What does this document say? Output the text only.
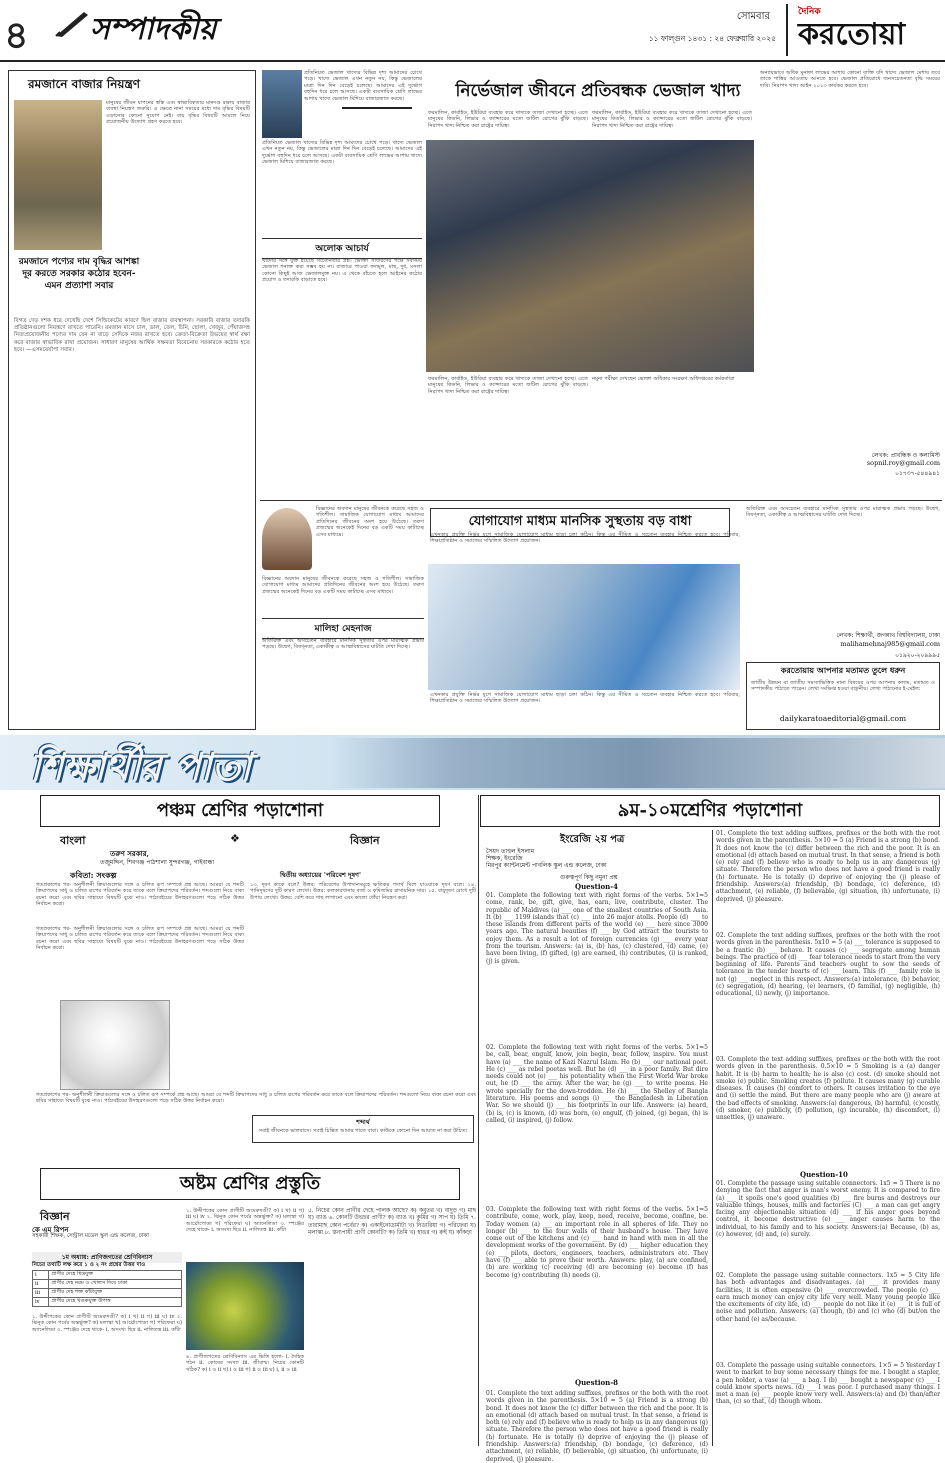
৪	সম্পাদকীয়	সোমবার
১১ ফাল্গুন ১৪৩১ : ২৪ ফেব্রুয়ারি ২০২৫
দৈনিক
করতোয়া
রমজানে বাজার নিয়ন্ত্রণ
মানুষের জীবন যাপনের স্বস্তি এবং স্বাভাবিকতার মানদণ্ড রক্ষায় বাজার ব্যবস্থা নিয়ন্ত্রণ জরুরি। এ ক্ষেত্রে নানা সময়ের মধ্যে দাম বৃদ্ধির বিষয়টি এড়ানোর কোনো সুযোগ নেই। ব্যয় বৃদ্ধির বিষয়টি আমলে নিয়ে প্রয়োজনীয় উদ্যোগ গ্রহণ করতে হবে।
রমজানে পণ্যের দাম বৃদ্ধির আশঙ্কা দূর করতে সরকার কঠোর হবেন-এমন প্রত্যাশা সবার
বিগত দেড় দশক ধরে দেখেছি দেশে সিন্ডিকেটের কারণে ছিল বাজার ব্যবস্থাপনা। সরকারি বাজার তদারকি প্রতিষ্ঠানগুলো নিয়ন্ত্রণে রাখতে পারেনি। রমজান মাসে চাল, ডাল, তেল, চিনি, ছোলা, খেজুর, পেঁয়াজসহ নিত্যপ্রয়োজনীয় পণ্যের দাম যেন না বাড়ে সেদিকে নজর রাখতে হবে। ক্রেতা-বিক্রেতা উভয়ের স্বার্থ রক্ষা করে বাজার স্বাভাবিক রাখা প্রয়োজন। সাধারণ মানুষের আর্থিক সক্ষমতা বিবেচনায় সরকারকে কঠোর হতে হবে। —এসময়ের্যাপা সবার।
প্রতিনিয়ত ভেজাল খাদ্যের বিভিন্ন দৃশ্য আমাদের চোখে পড়ে। খাদ্যে ভেজাল এখন নতুন নয়, কিন্তু ভেজালের মাত্রা দিন দিন বেড়েই চলেছে। আমাদের এই দুর্ভোগ বহুদিন ধরে চলে আসছে। একটা ব্যবসায়িক শ্রেণি লাভের আশায় খাদ্যে ভেজাল মিশিয়ে বাজারজাত করছে।	নির্ভেজাল জীবনে প্রতিবন্ধক ভেজাল খাদ্য
প্রতিনিয়ত ভেজাল খাদ্যের বিভিন্ন দৃশ্য আমাদের চোখে পড়ে। খাদ্যে ভেজাল এখন নতুন নয়, কিন্তু ভেজালের মাত্রা দিন দিন বেড়েই চলেছে। আমাদের এই দুর্ভোগ বহুদিন ধরে চলে আসছে। একটা ব্যবসায়িক শ্রেণি লাভের আশায় খাদ্যে ভেজাল মিশিয়ে বাজারজাত করছে।
অলোক আচার্য
খাদ্যের সঙ্গে যুক্ত হয়েছে সচেতনতার প্রশ্ন। ভোক্তা সাধারণের পক্ষে সবসময় ভেজাল শনাক্ত করা সম্ভব হয় না। বাজারে পাওয়া ফলমূল, মাছ, দুধ, মসলা কোনো কিছুই আজ ভেজালমুক্ত নয়। এ থেকে বাঁচতে হলে আইনের কঠোর প্রয়োগ ও তদারকি বাড়াতে হবে।
ফরমালিন, কার্বাইড, ইউরিয়া ব্যবহার করে খাদ্যকে তাজা দেখানো হচ্ছে। এতে মানুষের কিডনি, লিভার ও ক্যান্সারের মতো জটিল রোগের ঝুঁকি বাড়ছে। নিরাপদ খাদ্য নিশ্চিত করা রাষ্ট্রের দায়িত্ব।
ফরমালিন, কার্বাইড, ইউরিয়া ব্যবহার করে খাদ্যকে তাজা দেখানো হচ্ছে। এতে মানুষের কিডনি, লিভার ও ক্যান্সারের মতো জটিল রোগের ঝুঁকি বাড়ছে। নিরাপদ খাদ্য নিশ্চিত করা রাষ্ট্রের দায়িত্ব।
ফরমালিন, কার্বাইড, ইউরিয়া ব্যবহার করে খাদ্যকে তাজা দেখানো হচ্ছে। এতে মানুষের কিডনি, লিভার ও ক্যান্সারের মতো জটিল রোগের ঝুঁকি বাড়ছে। নিরাপদ খাদ্য নিশ্চিত করা রাষ্ট্রের দায়িত্ব।
নমুনা পরীক্ষা দেখছেন ভোক্তা অধিকার সংরক্ষণ অধিদপ্তরের কর্মকর্তারা
অন্যায়ভাবে অধিক মুনাফা লাভের আশায় কোনো ব্যক্তি যদি খাদ্যে ভেজাল মেশায় তবে তাকে শাস্তির আওতায় আনতে হবে। ভেজাল প্রতিরোধে জনসচেতনতা বৃদ্ধি সময়ের দাবি। নিরাপদ খাদ্য আইন ২০১৩ কার্যকর করতে হবে।
লেখক: প্রাবন্ধিক ও কলামিস্ট
sopnil.roy@gmail.com
০১৭৩৭-৫৪৪৯৪১
বিজ্ঞানের অবদান মানুষের জীবনকে করেছে সহজ ও গতিশীল। সামাজিক যোগাযোগ মাধ্যম আমাদের প্রতিদিনের জীবনের অংশ হয়ে উঠেছে। তরুণ প্রজন্মের অনেকেই দিনের বড় একটি সময় কাটাচ্ছে এসব মাধ্যমে।
বিজ্ঞানের অবদান মানুষের জীবনকে করেছে সহজ ও গতিশীল। সামাজিক যোগাযোগ মাধ্যম আমাদের প্রতিদিনের জীবনের অংশ হয়ে উঠেছে। তরুণ প্রজন্মের অনেকেই দিনের বড় একটি সময় কাটাচ্ছে এসব মাধ্যমে।
মালিহা মেহনাজ
অতিরিক্ত এবং অসচেতন ব্যবহারে মানসিক সুস্থতার ওপর মারাত্মক প্রভাব পড়ছে। উদ্বেগ, বিষণ্নতা, একাকীত্ব ও আত্মবিশ্বাসের ঘাটতি দেখা দিচ্ছে।
যোগাযোগ মাধ্যম মানসিক সুস্থতায় বড় বাধা
এখনকার প্রযুক্তি নির্ভর যুগে সামাজিক যোগাযোগ মাধ্যম ছাড়া চলা কঠিন। কিন্তু এর সীমিত ও সচেতন ব্যবহার নিশ্চিত করতে হবে। পরিবার, শিক্ষাপ্রতিষ্ঠান ও সমাজের সম্মিলিত উদ্যোগ প্রয়োজন।
এখনকার প্রযুক্তি নির্ভর যুগে সামাজিক যোগাযোগ মাধ্যম ছাড়া চলা কঠিন। কিন্তু এর সীমিত ও সচেতন ব্যবহার নিশ্চিত করতে হবে। পরিবার, শিক্ষাপ্রতিষ্ঠান ও সমাজের সম্মিলিত উদ্যোগ প্রয়োজন।
অতিরিক্ত এবং অসচেতন ব্যবহারে মানসিক সুস্থতার ওপর মারাত্মক প্রভাব পড়ছে। উদ্বেগ, বিষণ্নতা, একাকীত্ব ও আত্মবিশ্বাসের ঘাটতি দেখা দিচ্ছে।
লেখক: শিক্ষার্থী, জগন্নাথ বিশ্ববিদ্যালয়, ঢাকা
malihamehnaj985@gmail.com
০১৯২০-২০৯৯৯৫
করতোয়ায় আপনার মতামত তুলে ধরুন
জাতীয় উন্নয়ন বা জাতীয় সমস্যাভিত্তিক নানা বিষয়ের ওপর আপনার কলাম, মতামত ও সম্পাদকীয় পাঠাতে পারেন। লেখা সংক্ষিপ্ত হওয়া বাঞ্ছনীয়। লেখা পাঠানোর ই-মেইল:
dailykaratoaeditorial@gmail.com
শিক্ষার্থীর পাতা
পঞ্চম শ্রেণির পড়াশোনা
বাংলা	❖	বিজ্ঞান
তরুণ সরকার,
তজুমদ্দিন, শিবগঞ্জ পাঠশালা সুন্দরগঞ্জ, গাইবান্ধা
কবিতা: সংকল্প
গতপ্রকাশের পর- অনুশীলনী ক্রিয়াগুলোর সঙ্গে ও চলিত রূপ সম্পর্কে প্রশ্ন আছে। আমরা যে শব্দটি ক্রিয়াপদের সাধু ও চলিত রূপের পরিবর্তন করে তাকে বলে ক্রিয়াপদের পরিবর্তন। শব্দগুলো নিয়ে বাক্য রচনা করো এবং ছবির সাহায্যে বিষয়টি বুঝে নাও। পাঠ্যবইয়ের উদাহরণগুলো পড়ে সঠিক উত্তর নির্বাচন করো।
গতপ্রকাশের পর- অনুশীলনী ক্রিয়াগুলোর সঙ্গে ও চলিত রূপ সম্পর্কে প্রশ্ন আছে। আমরা যে শব্দটি ক্রিয়াপদের সাধু ও চলিত রূপের পরিবর্তন করে তাকে বলে ক্রিয়াপদের পরিবর্তন। শব্দগুলো নিয়ে বাক্য রচনা করো এবং ছবির সাহায্যে বিষয়টি বুঝে নাও। পাঠ্যবইয়ের উদাহরণগুলো পড়ে সঠিক উত্তর নির্বাচন করো।
গতপ্রকাশের পর- অনুশীলনী ক্রিয়াগুলোর সঙ্গে ও চলিত রূপ সম্পর্কে প্রশ্ন আছে। আমরা যে শব্দটি ক্রিয়াপদের সাধু ও চলিত রূপের পরিবর্তন করে তাকে বলে ক্রিয়াপদের পরিবর্তন। শব্দগুলো নিয়ে বাক্য রচনা করো এবং ছবির সাহায্যে বিষয়টি বুঝে নাও। পাঠ্যবইয়ের উদাহরণগুলো পড়ে সঠিক উত্তর নির্বাচন করো।
দ্বিতীয় অধ্যায়ের 'পরিবেশ দূষণ'
১৩. দূষণ কাকে বলে? উত্তর: পরিবেশের উপাদানসমূহে ক্ষতিকর পদার্থ মিশে যাওয়াকে দূষণ বলে। ১৪. পানিদূষণের দুটি কারণ লেখো। উত্তর: কলকারখানার বর্জ্য ও কৃষিজমির রাসায়নিক সার। ১৫. বায়ুদূষণ রোধে দুটি উপায় লেখো। উত্তর: বেশি করে গাছ লাগানো এবং কালো ধোঁয়া নিয়ন্ত্রণ করা।
শব্দার্থ
সবাই জীবনকে ভালবাসে। সবাই চিন্তিত আমার পাতে বাবা। কাউকে কোনো দিন আঘাত না করা উচিত।
অষ্টম শ্রেণির প্রস্তুতি
বিজ্ঞান
কে এম রিপন
সহকারী শিক্ষক, সেন্ট্রাল মডেল স্কুল এন্ড কলেজ, ঢাকা
১ম অধ্যায়: প্রাণিজগতের শ্রেণিবিন্যাস
নিচের তথ্যটি লক্ষ করে ১ ও ২ নং প্রশ্নের উত্তর দাও
i	প্রাণীর দেহে ছিদ্রযুক্ত
ii	প্রাণীর দেহ নরম ও খোলস দিয়ে ঢাকা
iii	প্রাণীর দেহ শক্ত কাঁটাযুক্ত
iv	প্রাণীর দেহে খণ্ডকযুক্ত উপাঙ্গ
১. উদ্দীপকের কোন প্রাণীটি অমেরুদণ্ডী? ক) i খ) ii গ) iii ঘ) iv ২. ঝিনুক কোন পর্বের অন্তর্ভুক্ত? ক) মলাস্কা খ) আর্থ্রোপোডা গ) পরিফেরা ঘ) অ্যানেলিডা ৩. স্পঞ্জের দেহে থাকে- i. অসংখ্য ছিদ্র ii. নালিতন্ত্র iii. কাঁটা
১. উদ্দীপকের কোন প্রাণীটি অমেরুদণ্ডী? ক) i খ) ii গ) iii ঘ) iv ২. ঝিনুক কোন পর্বের অন্তর্ভুক্ত? ক) মলাস্কা খ) আর্থ্রোপোডা গ) পরিফেরা ঘ) অ্যানেলিডা ৩. স্পঞ্জের দেহে থাকে- i. অসংখ্য ছিদ্র ii. নালিতন্ত্র iii. কাঁটা
৪. প্রাণীজগতের শ্রেণিবিন্যাস এর ভিত্তি হলো- i. দৈহিক গঠন ii. কোষের সংখ্যা iii. জীবাশ্ম। নিচের কোনটি সঠিক? ক) i ও ii খ) i ও iii গ) ii ও iii ঘ) i, ii ও iii
৫. নিচের কোন প্রাণীর দেহে পালক আছে? ক) কবুতর খ) বাদুড় গ) মাছ ঘ) ব্যাঙ ৬. কোনটি উভচর প্রাণী? ক) ব্যাঙ খ) কুমির গ) সাপ ঘ) তিমি ৭. তারামাছ কোন পর্বের? ক) একাইনোডার্মাটা খ) নিডারিয়া গ) পরিফেরা ঘ) মলাস্কা ৮. স্তন্যপায়ী প্রাণী কোনটি? ক) তিমি খ) হাঙর গ) রুই ঘ) কাঁকড়া
৯ম-১০মশ্রেণির পড়াশোনা
ইংরেজি ২য় পত্র
সৈয়দ তাহুল ইসলাম
শিক্ষক, ইংরেজি
মিরপুর ক্যান্টনমেন্ট পাবলিক স্কুল এন্ড কলেজ, ঢাকা
গুরুত্বপূর্ণ কিছু নমুনা প্রশ্ন
Question-4
01. Complete the following text with right forms of the verbs. 5×1=5 come, rank, be, gift, give, has, earn, live, contribute, cluster. The republic of Maldives (a) ___ one of the smallest countries of South Asia. It (b) ___ 1199 islands that (c) ___ into 26 major atolls. People (d) ___ to these islands from different parts of the world (e) ___ here since 3000 years ago. The natural beauties (f) ___ by God attract the tourists to enjoy them. As a result a lot of foreign currencies (g) ___ every year from the tourism. Answers: (a) is, (b) has, (c) clustered, (d) came, (e) have been living, (f) gifted, (g) are earned, (h) contributes, (i) is ranked, (j) is given.
02. Complete the following text with right forms of the verbs. 5×1=5 be, call, bear, engulf, know, join begin, bear, follow, inspire. You must have (a) ___ the name of Kazi Nazrul Islam. He (b) ___ our national poet. He (c) ___ as rebel poetas well. But he (d) ___ in a poor family. But dire needs could not (e) ___ his potentiality when the First World War broke out, he (f) ___ the army. After the war, he (g) ___ to write poems. He wrote specially for the down-trodden. He (h) ___ the Shelley of Bangla literature. His poems and songs (i) ___ the Bangladesh in Liberation War. So we should (j) ___ his footprints in our life. Answers: (a) heard, (b) is, (c) is known, (d) was born, (e) engulf, (f) joined, (g) began, (h) is called, (i) inspired, (j) follow.
03. Complete the following text with right forms of the verbs. 5×1=5 contribute, come, work, play, keep, need, receive, become, confine, be. Today women (a) ___ an important role in all spheres of life. They no longer (b) ___ to the four walls of their husband's house. They have come out of the kitchens and (c) ___ hand in hand with men in all the development works of the government. By (d) ___ higher education they (e) ___ pilots, doctors, engineers, teachers, administrators etc. They have (f) ___ able to prove their worth. Answers: play, (a) are confined, (b) are working (c) receiving (d) are becoming (e) become (f) has become (g) contributing (h) needs (i).
Question-8
01. Complete the text adding suffixes, prefixes or the both with the root words given in the parenthesis. 5×10 = 5 (a) Friend is a strong (b) bond. It does not know the (c) differ between the rich and the poor. It is an emotional (d) attach based on mutual trust. In that sense, a friend is both (e) rely and (f) believe who is ready to help us in any dangerous (g) situate. Therefore the person who does not have a good friend is really (h) fortunate. He is totally (i) deprive of enjoying the (j) please of friendship. Answers:(a) friendship, (b) bondage, (c) deference, (d) attachment, (e) reliable, (f) believable, (g) situation, (h) unfortunate, (i) deprived, (j) pleasure.
01. Complete the text adding suffixes, prefixes or the both with the root words given in the parenthesis. 5×10 = 5 (a) Friend is a strong (b) bond. It does not know the (c) differ between the rich and the poor. It is an emotional (d) attach based on mutual trust. In that sense, a friend is both (e) rely and (f) believe who is ready to help us in any dangerous (g) situate. Therefore the person who does not have a good friend is really (h) fortunate. He is totally (i) deprive of enjoying the (j) please of friendship. Answers:(a) friendship, (b) bondage, (c) deference, (d) attachment, (e) reliable, (f) believable, (g) situation, (h) unfortunate, (i) deprived, (j) pleasure.
02. Complete the text adding suffixes, prefixes or the both with the root words given in the parenthesis. 5x10 = 5 (a) ___ tolerance is supposed to be a frantic (b) ___ behave. It causes (c) ___ segregate among human beings. The practice of (d) ___ fear tolerance needs to start from the very beginning of life. Parents and teachers ought to sow the seeds of tolerance in the tender hearts of (c) ___ learn. This (f) ___ family role is not (g) ___ neglect in this respect. Answers:(a) intolerance, (b) behavior, (c) segregation, (d) hearing, (e) learners, (f) familial, (g) negligible, (h) educational, (i) newly, (j) importance.
03. Complete the text adding suffixes, prefixes or the both with the root words given in the parenthesis. 0.5×10 = 5 Smoking is a (a) danger habit. It is (b) harm to health; he is also (c) cost. (d) smoke should not smoke (e) public. Smoking creates (f) pollute. It causes many (g) curable diseases. It causes (h) comfort to others. It causes irritation to the eye and (i) settle the mind. But there are many people who are (j) aware at the bad effects of smoking. Answers:(a) dangerous, (b) harmful, (c)costly, (d) smoker, (e) publicly, (f) pollution, (g) incurable, (h) discomfort, (i) unsettles, (j) unaware.
Question-10
01. Complete the passage using suitable connectors. 1x5 = 5 There is no denying the fact that anger is man's worst enemy. It is compared to fire (a) ___ it spoils one's good qualities (b) ___ fire burns and destroys our valuable things, houses, mills and factories (C) ___ a man can get angry facing any objectionable situation (d) ___ if his anger goes beyond control, it become destructive (e) ___ anger causes harm to the individual, to his family and to his society. Answers:(a) Because, (b) as, (c) however, (d) and, (e) surely.
02. Complete the passage using suitable connectors. 1x5 = 5 City life has both advantages and disadvantages. (a) ___ it provides many facilities, it is often expensive (b) ___ overcrowded. The people (c) ___ earn much money can enjoy city life very well. Many young people like the excitements of city life, (d) ___ people do not like it (e) ___ it is full of noise and pollution. Answers: (a) though, (b) and (c) who (d) but/on the other hand (e) as/because.
03. Complete the passage using suitable connectors. 1×5 = 5 Yesterday I went to market to buy some necessary things for me. I bought a stapler, a pen holder, a vase (a) ___ a bag. I (b) ___ bought a newspaper (c) ___ I could know sports news. (d) ___ I was poor. I purchased many things. I met a man (e) ___ people know very well. Answers:(a) and (b) than/after than, (c) so that, (d) though whom.
